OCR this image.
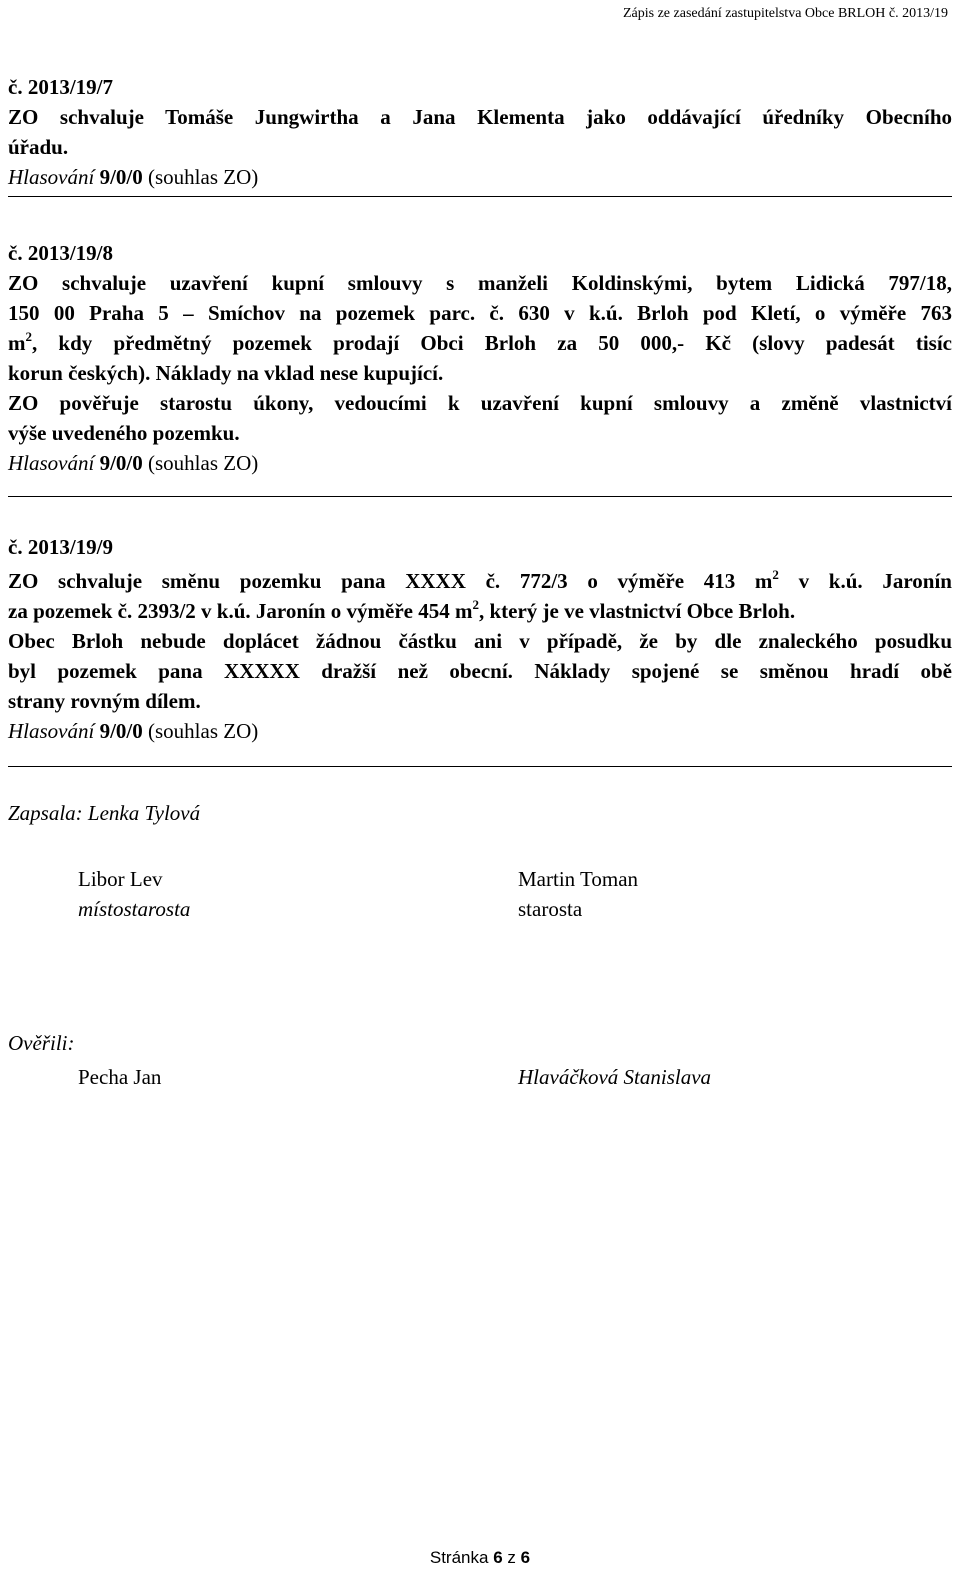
Zápis ze zasedání zastupitelstva Obce BRLOH č. 2013/19
č. 2013/19/7
ZO schvaluje Tomáše Jungwirtha a Jana Klementa jako oddávající úředníky Obecního
úřadu.
Hlasování 9/0/0 (souhlas ZO)
č. 2013/19/8
ZO schvaluje uzavření kupní smlouvy s manželi Koldinskými, bytem Lidická 797/18,
150 00 Praha 5 – Smíchov na pozemek parc. č. 630 v k.ú. Brloh pod Kletí, o výměře 763
$m^2$, kdy předmětný pozemek prodají Obci Brloh za 50 000,- Kč (slovy padesát tisíc
korun českých). Náklady na vklad nese kupující.
ZO pověřuje starostu úkony, vedoucími k uzavření kupní smlouvy a změně vlastnictví
výše uvedeného pozemku.
Hlasování 9/0/0 (souhlas ZO)
č. 2013/19/9
ZO schvaluje směnu pozemku pana XXXX č. 772/3 o výměře 413 $m^2$ v k.ú. Jaronín
za pozemek č. 2393/2 v k.ú. Jaronín o výměře 454 $m^2$, který je ve vlastnictví Obce Brloh.
Obec Brloh nebude doplácet žádnou částku ani v případě, že by dle znaleckého posudku
byl pozemek pana XXXXX dražší než obecní. Náklady spojené se směnou hradí obě
strany rovným dílem.
Hlasování 9/0/0 (souhlas ZO)
Zapsala: Lenka Tylová
Libor Lev
místostarosta
Martin Toman
starosta
Ověřili:
Pecha Jan	Hlaváčková Stanislava
Stránka 6 z 6
